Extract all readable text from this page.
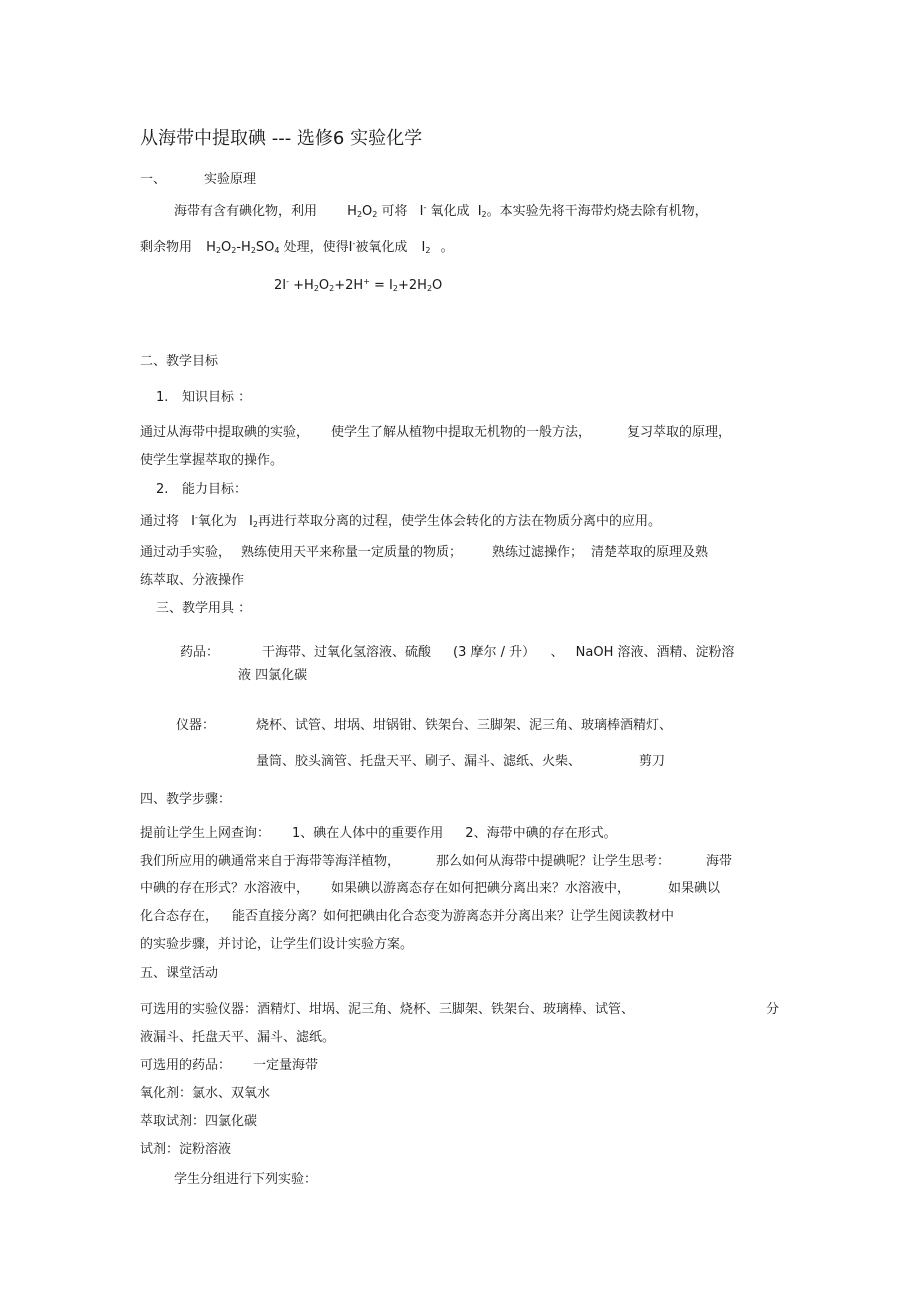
从海带中提取碘 --- 选修6 实验化学
一、	实验原理
海带有含有碘化物，利用 $H_2O_2$ 可将 I- 氧化成 $I_2$。本实验先将干海带灼烧去除有机物，
剩余物用 $H_2O_2-H_2SO_4$ 处理，使得I-被氧化成 $I_2$ 。
$2I^- +H_2O_2+2H^+ = I_2+2H_2O$
二、教学目标
1. 知识目标 ：
通过从海带中提取碘的实验， 使学生了解从植物中提取无机物的一般方法，	复习萃取的原理，
使学生掌握萃取的操作。
2. 能力目标：
通过将 I-氧化为 $I_2$再进行萃取分离的过程，使学生体会转化的方法在物质分离中的应用。
通过动手实验， 熟练使用天平来称量一定质量的物质； 熟练过滤操作； 清楚萃取的原理及熟
练萃取、分液操作
三、教学用具 ：
药品：	干海带、过氧化氢溶液、硫酸 (3 摩尔 / 升） 、 NaOH 溶液、酒精、淀粉溶
液 四氯化碳
仪器：	烧杯、试管、坩埚、坩锅钳、铁架台、三脚架、泥三角、玻璃棒酒精灯、
量筒、胶头滴管、托盘天平、刷子、漏斗、滤纸、火柴、	剪刀
四、教学步骤：
提前让学生上网查询： 1、碘在人体中的重要作用 2、海带中碘的存在形式。
我们所应用的碘通常来自于海带等海洋植物，	那么如何从海带中提碘呢？让学生思考：	海带
中碘的存在形式？水溶液中， 如果碘以游离态存在如何把碘分离出来？水溶液中，	如果碘以
化合态存在， 能否直接分离？如何把碘由化合态变为游离态并分离出来？让学生阅读教材中
的实验步骤，并讨论，让学生们设计实验方案。
五、课堂活动
可选用的实验仪器：酒精灯、坩埚、泥三角、烧杯、三脚架、铁架台、玻璃棒、试管、	分
液漏斗、托盘天平、漏斗、滤纸。
可选用的药品： 一定量海带
氧化剂：氯水、双氧水
萃取试剂：四氯化碳
试剂：淀粉溶液
学生分组进行下列实验：
